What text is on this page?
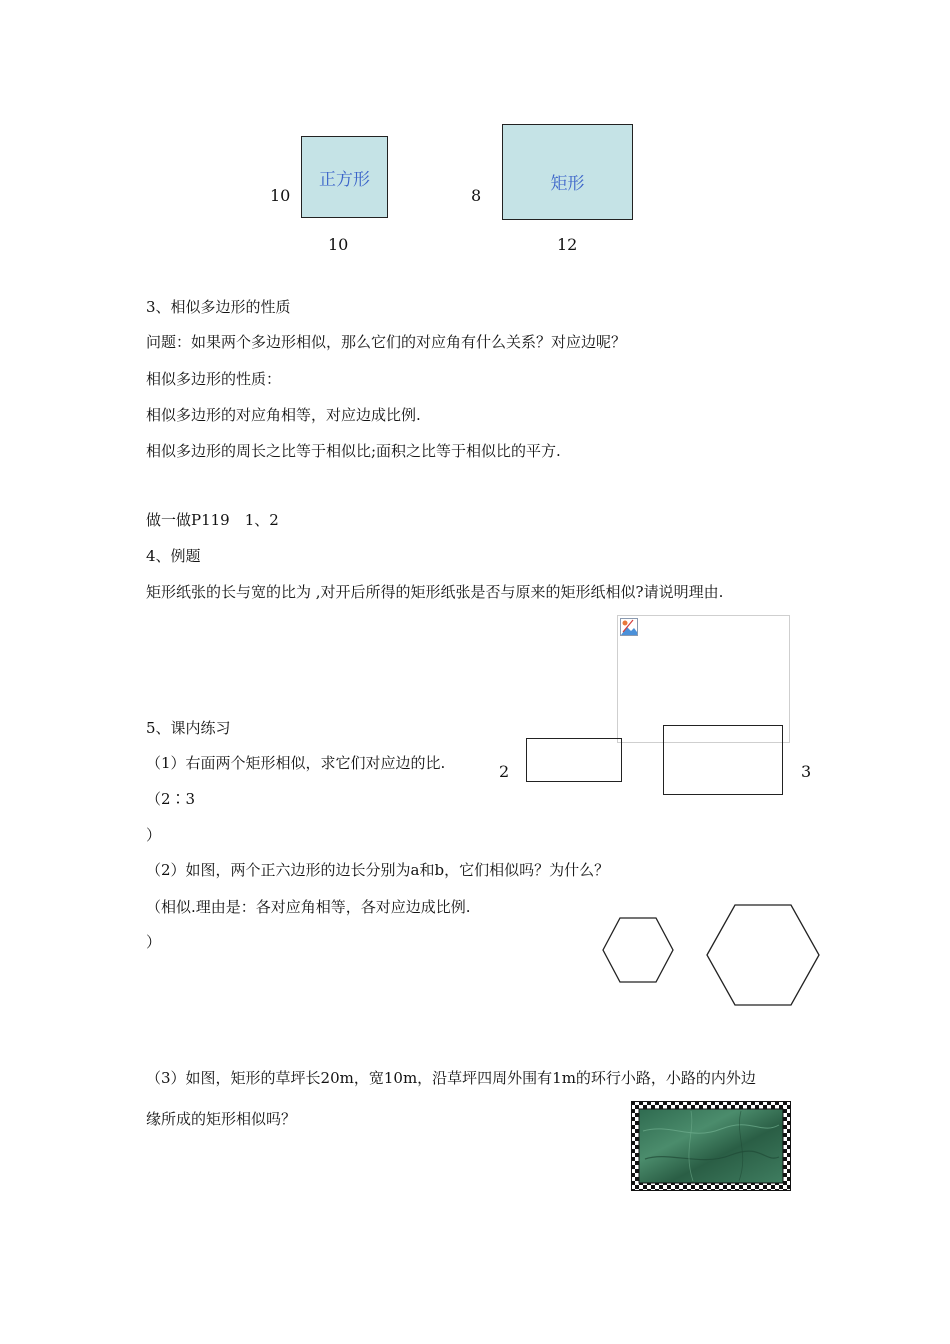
10
正方形
10
8
矩形
12
3、相似多边形的性质
问题：如果两个多边形相似，那么它们的对应角有什么关系？对应边呢？
相似多边形的性质：
相似多边形的对应角相等，对应边成比例.
相似多边形的周长之比等于相似比;面积之比等于相似比的平方.
做一做P119　1、2
4、例题
矩形纸张的长与宽的比为 ,对开后所得的矩形纸张是否与原来的矩形纸相似?请说明理由.
5、课内练习
（1）右面两个矩形相似，求它们对应边的比.
（2∶3
）
（2）如图，两个正六边形的边长分别为a和b，它们相似吗？为什么？
（相似.理由是：各对应角相等，各对应边成比例.
）
2	3
（3）如图，矩形的草坪长20m，宽10m，沿草坪四周外围有1m的环行小路，小路的内外边
缘所成的矩形相似吗？
